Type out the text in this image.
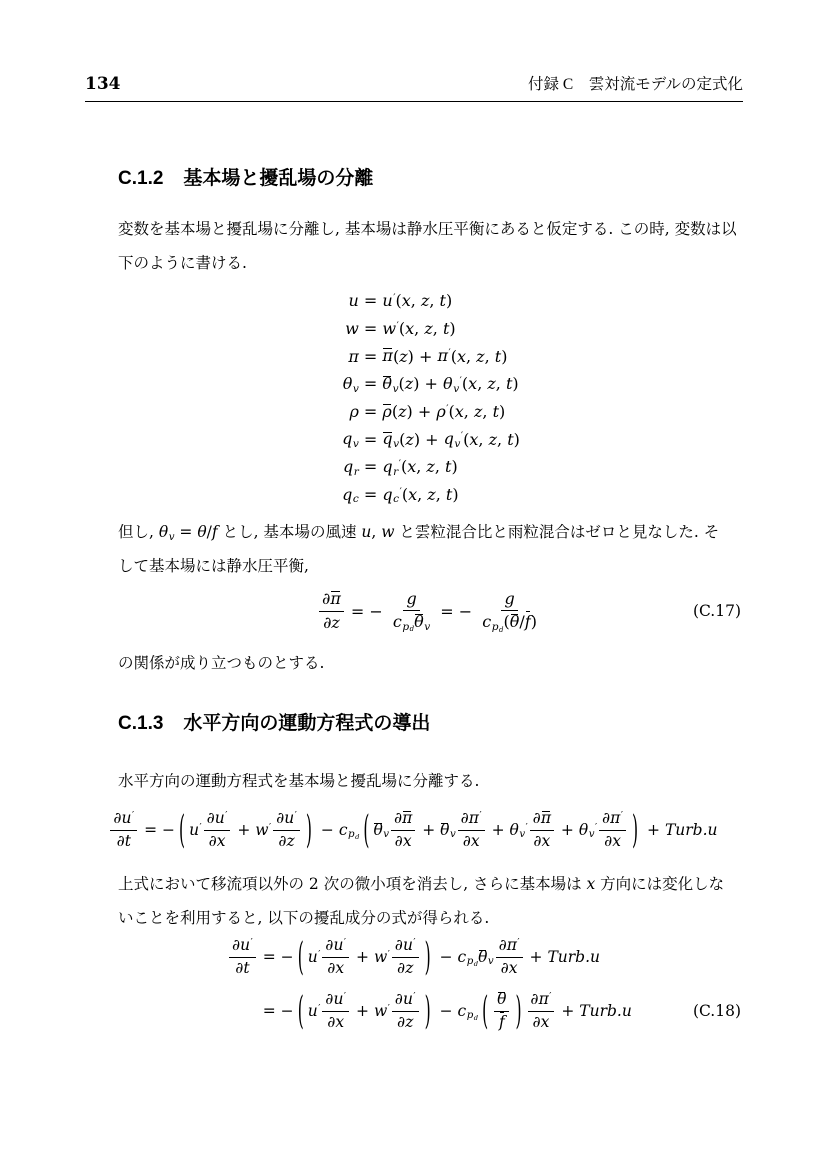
134	付録 C　雲対流モデルの定式化
C.1.2 基本場と擾乱場の分離
変数を基本場と擾乱場に分離し, 基本場は静水圧平衡にあると仮定する. この時, 変数は以
下のように書ける.
u = u′ ( x , z , t )
w = w′ ( x , z , t )
π = π ( z ) + π′ ( x , z , t )
θv = θv ( z ) + θv′ ( x , z , t )
ρ = ρ ( z ) + ρ′ ( x , z , t )
qv = qv ( z ) + qv′ ( x , z , t )
qr = qr′ ( x , z , t )
qc = qc′ ( x , z , t )
但し, θv = θ/f とし, 基本場の風速 u, w と雲粒混合比と雨粒混合はゼロと見なした. そ
して基本場には静水圧平衡,
$\frac{\partial \pi}{\partial z}$ = − $\frac{g}{\text{cpd θv}}$ = − $\frac{g}{\text{cpd ( θ / f )}}$	(C.17)
の関係が成り立つものとする.
C.1.3 水平方向の運動方程式の導出
水平方向の運動方程式を基本場と擾乱場に分離する.
$\frac{\partial u'}{\partial t}$ = − ( $u' \frac{\partial u'}{\partial x} + w' \frac{\partial u'}{\partial z}$ ) − cpd ( θv $\frac{\partial \pi}{\partial x} + \theta v \frac{\partial \pi'}{\partial x} + \theta v' \frac{\partial \pi}{\partial x} + \theta v' \frac{\partial \pi'}{\partial x}$ ) + Turb.u
上式において移流項以外の 2 次の微小項を消去し, さらに基本場は x 方向には変化しな
いことを利用すると, 以下の擾乱成分の式が得られる.
$\frac{\partial u'}{\partial t}$ = − ( $u' \frac{\partial u'}{\partial x} + w' \frac{\partial u'}{\partial z}$ ) − cpd θv $\frac{\partial \pi'}{\partial x}$ + Turb.u
= − ( $u' \frac{\partial u'}{\partial x} + w' \frac{\partial u'}{\partial z}$ ) − cpd ( $\frac{\theta}{f}$ ) $\frac{\partial \pi'}{\partial x}$ + Turb.u	(C.18)
